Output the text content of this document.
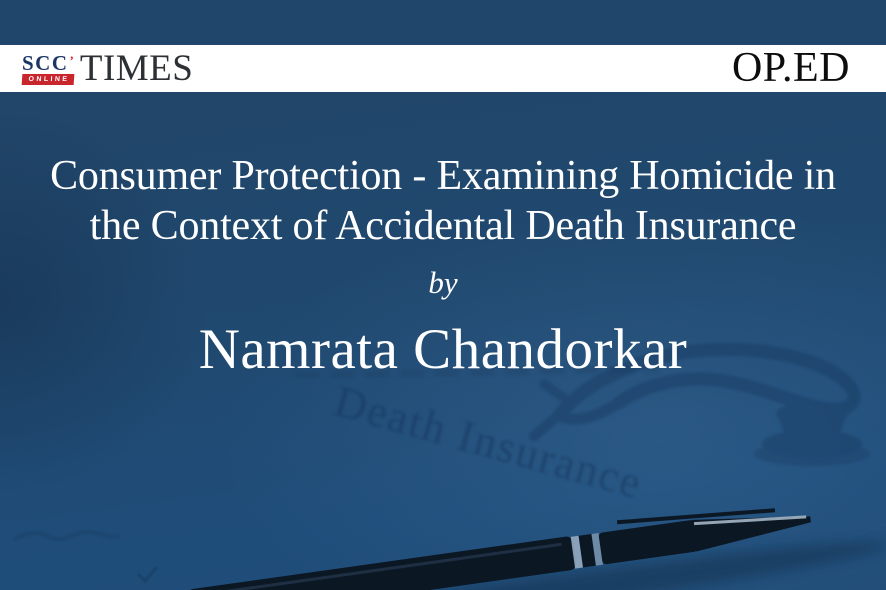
SCC ’
ONLINE TIMES	OP.ED
Death Insurance
Consumer Protection - Examining Homicide in
the Context of Accidental Death Insurance
by
Namrata Chandorkar
